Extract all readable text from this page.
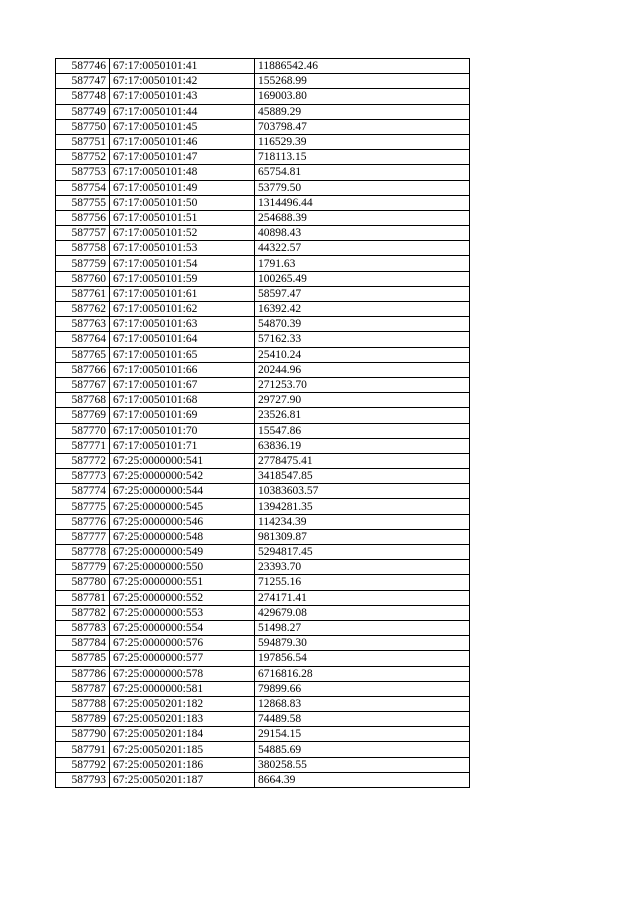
587746	67:17:0050101:41	11886542.46
587747	67:17:0050101:42	155268.99
587748	67:17:0050101:43	169003.80
587749	67:17:0050101:44	45889.29
587750	67:17:0050101:45	703798.47
587751	67:17:0050101:46	116529.39
587752	67:17:0050101:47	718113.15
587753	67:17:0050101:48	65754.81
587754	67:17:0050101:49	53779.50
587755	67:17:0050101:50	1314496.44
587756	67:17:0050101:51	254688.39
587757	67:17:0050101:52	40898.43
587758	67:17:0050101:53	44322.57
587759	67:17:0050101:54	1791.63
587760	67:17:0050101:59	100265.49
587761	67:17:0050101:61	58597.47
587762	67:17:0050101:62	16392.42
587763	67:17:0050101:63	54870.39
587764	67:17:0050101:64	57162.33
587765	67:17:0050101:65	25410.24
587766	67:17:0050101:66	20244.96
587767	67:17:0050101:67	271253.70
587768	67:17:0050101:68	29727.90
587769	67:17:0050101:69	23526.81
587770	67:17:0050101:70	15547.86
587771	67:17:0050101:71	63836.19
587772	67:25:0000000:541	2778475.41
587773	67:25:0000000:542	3418547.85
587774	67:25:0000000:544	10383603.57
587775	67:25:0000000:545	1394281.35
587776	67:25:0000000:546	114234.39
587777	67:25:0000000:548	981309.87
587778	67:25:0000000:549	5294817.45
587779	67:25:0000000:550	23393.70
587780	67:25:0000000:551	71255.16
587781	67:25:0000000:552	274171.41
587782	67:25:0000000:553	429679.08
587783	67:25:0000000:554	51498.27
587784	67:25:0000000:576	594879.30
587785	67:25:0000000:577	197856.54
587786	67:25:0000000:578	6716816.28
587787	67:25:0000000:581	79899.66
587788	67:25:0050201:182	12868.83
587789	67:25:0050201:183	74489.58
587790	67:25:0050201:184	29154.15
587791	67:25:0050201:185	54885.69
587792	67:25:0050201:186	380258.55
587793	67:25:0050201:187	8664.39
